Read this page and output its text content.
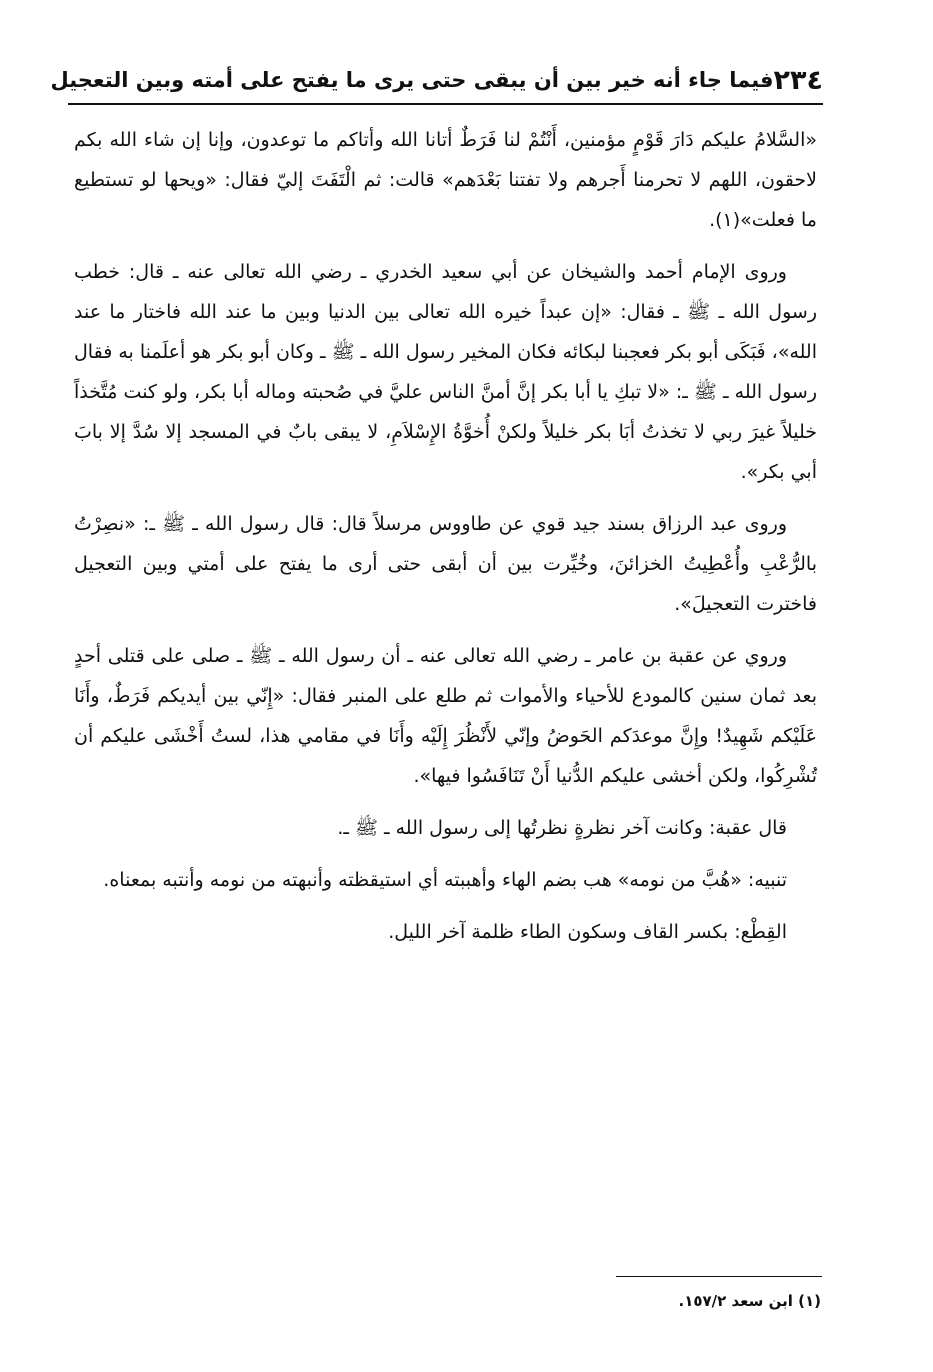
٢٣٤
فيما جاء أنه خير بين أن يبقى حتى يرى ما يفتح على أمته وبين التعجيل

«السَّلامُ عليكم دَارَ قَوْمٍ مؤمنين، أَنْتُمْ لنا فَرَطٌ أتانا الله وأتاكم ما توعدون، وإنا إن شاء الله بكم لاحقون، اللهم لا تحرمنا أَجرهم ولا تفتنا بَعْدَهم» قالت: ثم الْتَفَتَ إليّ فقال: «ويحها لو تستطيع ما فعلت»(١).

وروى الإمام أحمد والشيخان عن أبي سعيد الخدري ـ رضي الله تعالى عنه ـ قال: خطب رسول الله ـ ﷺ ـ فقال: «إن عبداً خيره الله تعالى بين الدنيا وبين ما عند الله فاختار ما عند الله»، فَبَكَى أبو بكر فعجبنا لبكائه فكان المخير رسول الله ـ ﷺ ـ وكان أبو بكر هو أعلَمنا به فقال رسول الله ـ ﷺ ـ: «لا تبكِ يا أبا بكر إنَّ أمنَّ الناس عليَّ في صُحبته وماله أبا بكر، ولو كنت مُتَّخذاً خليلاً غيرَ ربي لا تخذتُ أبَا بكر خليلاً ولكنْ أُخوَّةُ الإِسْلاَمِ، لا يبقى بابٌ في المسجد إلا سُدَّ إلا بابَ أبي بكر».

وروى عبد الرزاق بسند جيد قوي عن طاووس مرسلاً قال: قال رسول الله ـ ﷺ ـ: «نصِرْتُ بالرُّعْبِ وأُعْطِيتُ الخزائنَ، وخُيِّرت بين أن أبقى حتى أرى ما يفتح على أمتي وبين التعجيل فاخترت التعجيلَ».

وروي عن عقبة بن عامر ـ رضي الله تعالى عنه ـ أن رسول الله ـ ﷺ ـ صلى على قتلى أحدٍ بعد ثمان سنين كالمودع للأحياء والأموات ثم طلع على المنبر فقال: «إِنّي بين أيديكم فَرَطٌ، وأَنَا عَلَيْكم شَهِيدٌ! وإِنَّ موعدَكم الحَوضُ وإنّي لأَنْظُرَ إِلَيْه وأَنَا في مقامي هذا، لستُ أَخْشَى عليكم أن تُشْرِكُوا، ولكن أخشى عليكم الدُّنيا أَنْ تَنَافَسُوا فيها».

قال عقبة: وكانت آخر نظرةٍ نظرتُها إلى رسول الله ـ ﷺ ـ.

تنبيه: «هُبَّ من نومه» هب بضم الهاء وأهببته أي استيقظته وأنبهته من نومه وأنتبه بمعناه.

القِطْع: بكسر القاف وسكون الطاء ظلمة آخر الليل.

(١) ابن سعد ١٥٧/٢.
